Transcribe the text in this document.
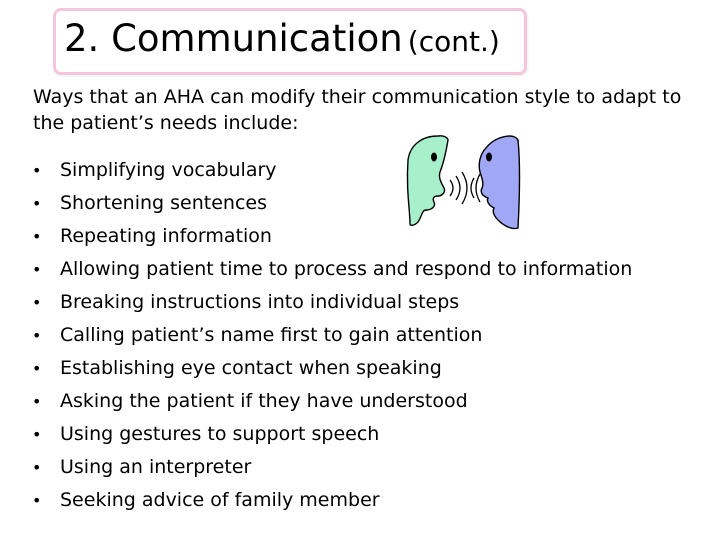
2. Communication (cont.)
Ways that an AHA can modify their communication style to adapt to the patient’s needs include:
• Simplifying vocabulary
• Shortening sentences
• Repeating information
• Allowing patient time to process and respond to information
• Breaking instructions into individual steps
• Calling patient’s name first to gain attention
• Establishing eye contact when speaking
• Asking the patient if they have understood
• Using gestures to support speech
• Using an interpreter
• Seeking advice of family member
